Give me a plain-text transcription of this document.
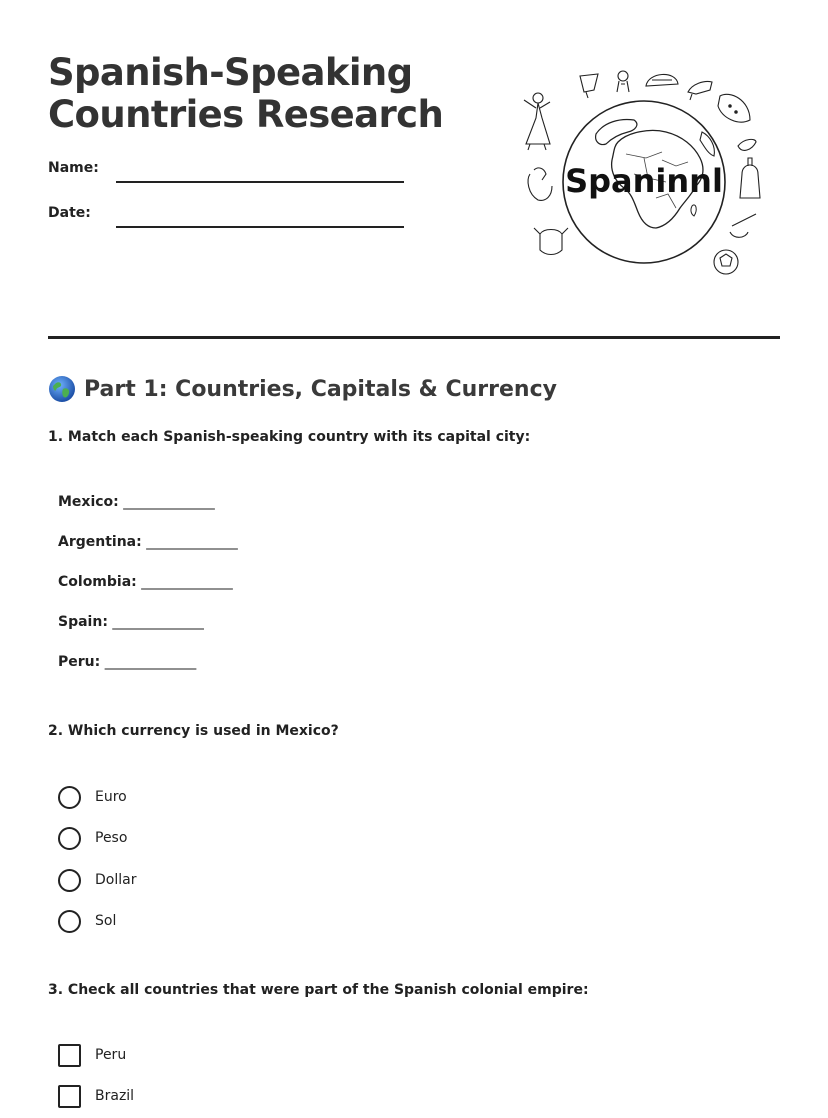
Spanish-Speaking
Countries Research
Name:
Date:
Spaninnl
Part 1: Countries, Capitals & Currency
1. Match each Spanish-speaking country with its capital city:
Mexico: ______________
Argentina: ______________
Colombia: ______________
Spain: ______________
Peru: ______________
2. Which currency is used in Mexico?
Euro
Peso
Dollar
Sol
3. Check all countries that were part of the Spanish colonial empire:
Peru
Brazil
